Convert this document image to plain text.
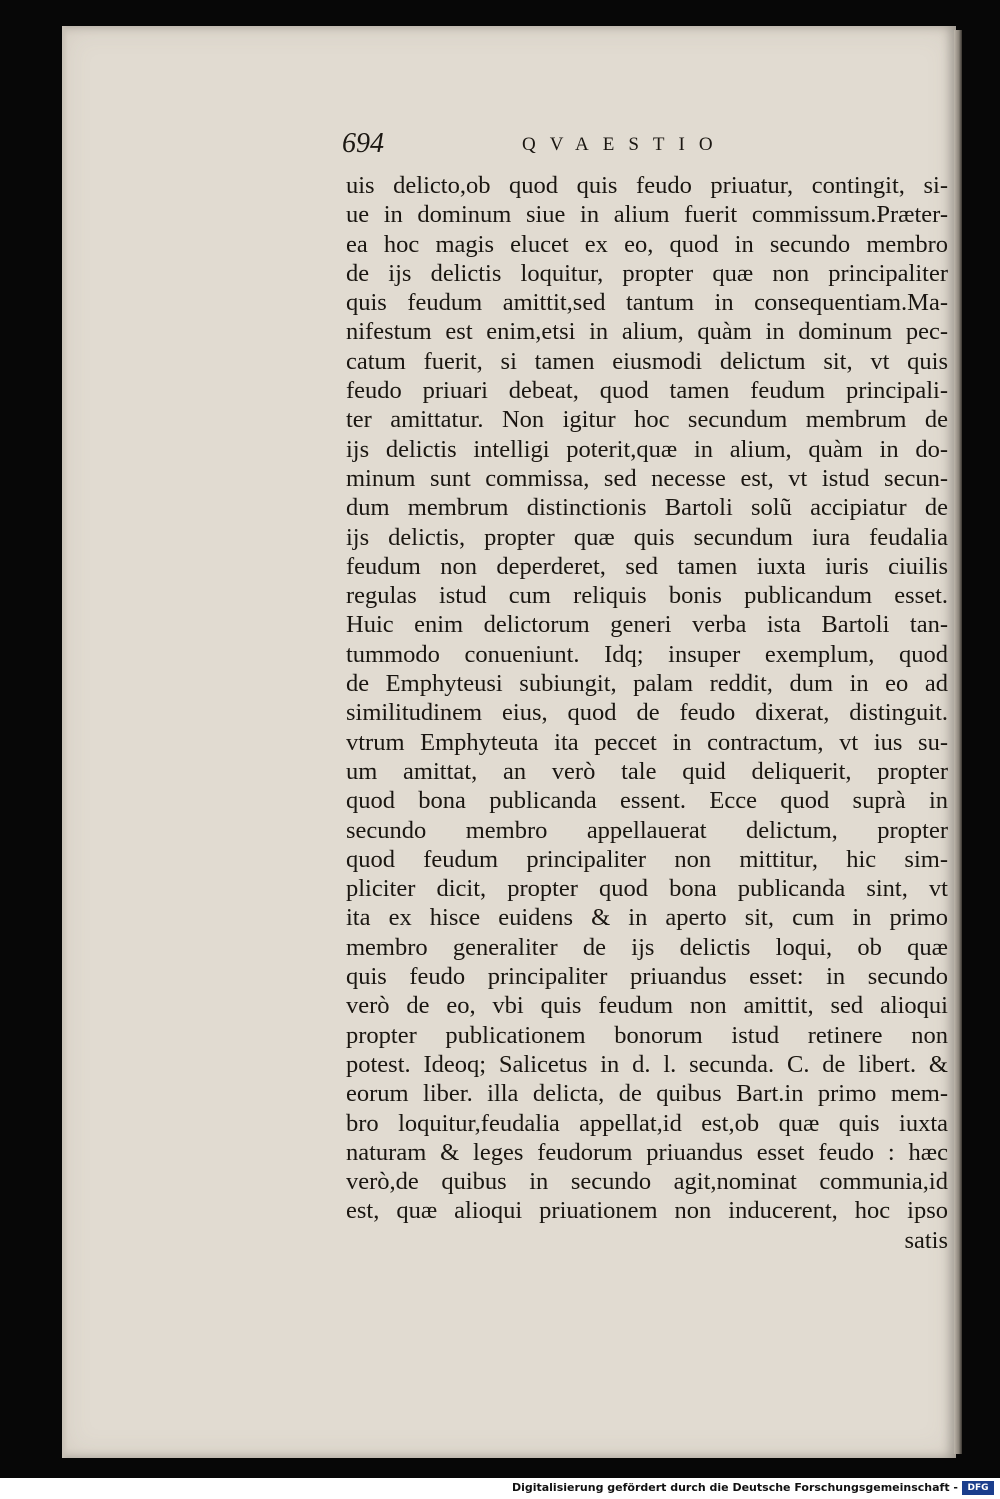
694	QVAESTIO
uis delicto,ob quod quis feudo priuatur, contingit, si-
ue in dominum siue in alium fuerit commissum.Præter-
ea hoc magis elucet ex eo, quod in secundo membro
de ijs delictis loquitur, propter quæ non principaliter
quis feudum amittit,sed tantum in consequentiam.Ma-
nifestum est enim,etsi in alium, quàm in dominum pec-
catum fuerit, si tamen eiusmodi delictum sit, vt quis
feudo priuari debeat, quod tamen feudum principali-
ter amittatur. Non igitur hoc secundum membrum de
ijs delictis intelligi poterit,quæ in alium, quàm in do-
minum sunt commissa, sed necesse est, vt istud secun-
dum membrum distinctionis Bartoli solũ accipiatur de
ijs delictis, propter quæ quis secundum iura feudalia
feudum non deperderet, sed tamen iuxta iuris ciuilis
regulas istud cum reliquis bonis publicandum esset.
Huic enim delictorum generi verba ista Bartoli tan-
tummodo conueniunt. Idq; insuper exemplum, quod
de Emphyteusi subiungit, palam reddit, dum in eo ad
similitudinem eius, quod de feudo dixerat, distinguit.
vtrum Emphyteuta ita peccet in contractum, vt ius su-
um amittat, an verò tale quid deliquerit, propter
quod bona publicanda essent. Ecce quod suprà in
secundo membro appellauerat delictum, propter
quod feudum principaliter non mittitur, hic sim-
pliciter dicit, propter quod bona publicanda sint, vt
ita ex hisce euidens & in aperto sit, cum in primo
membro generaliter de ijs delictis loqui, ob quæ
quis feudo principaliter priuandus esset: in secundo
verò de eo, vbi quis feudum non amittit, sed alioqui
propter publicationem bonorum istud retinere non
potest. Ideoq; Salicetus in d. l. secunda. C. de libert. &
eorum liber. illa delicta, de quibus Bart.in primo mem-
bro loquitur,feudalia appellat,id est,ob quæ quis iuxta
naturam & leges feudorum priuandus esset feudo : hæc
verò,de quibus in secundo agit,nominat communia,id
est, quæ alioqui priuationem non inducerent, hoc ipso
satis
Digitalisierung gefördert durch die Deutsche Forschungsgemeinschaft -	DFG
